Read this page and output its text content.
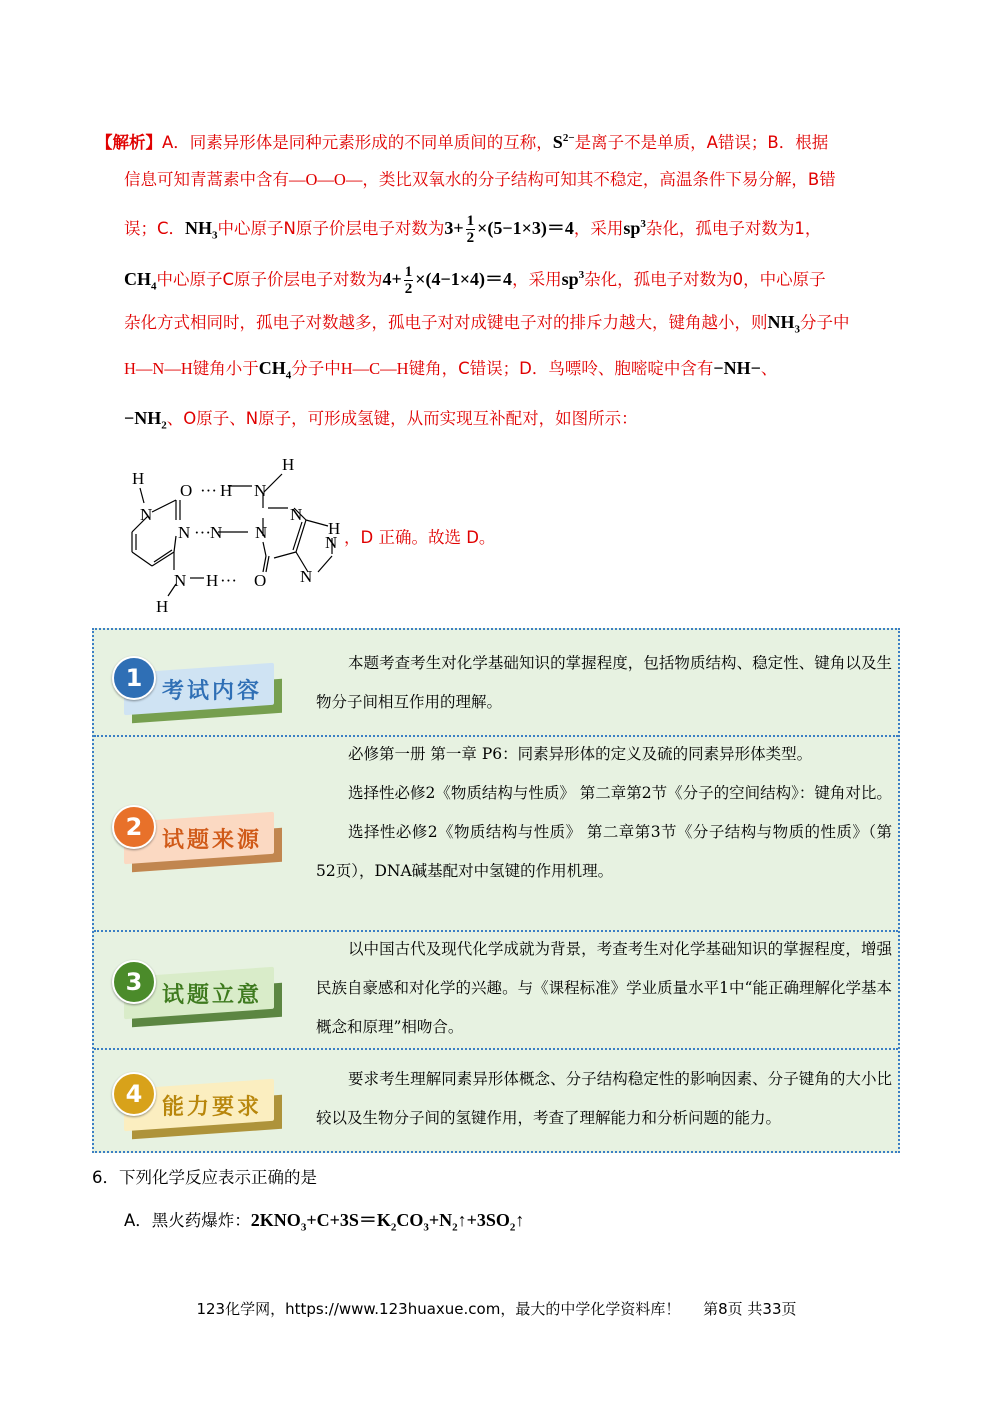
【解析】A．同素异形体是同种元素形成的不同单质间的互称，$S^{2-}$是离子不是单质，A错误；B．根据
信息可知青蒿素中含有—O—O—，类比双氧水的分子结构可知其不稳定，高温条件下易分解，B错
误；C．$NH_3$中心原子N原子价层电子对数为$3+ \frac{1}{2} \times(5-1\times 3)=4$，采用$sp^3$杂化，孤电子对数为1，
$CH_4$中心原子C原子价层电子对数为$4+ \frac{1}{2} \times(4-1\times 4)=4$，采用$sp^3$杂化，孤电子对数为0，中心原子
杂化方式相同时，孤电子对数越多，孤电子对对成键电子对的排斥力越大，键角越小，则$NH_3$分子中
H—N—H键角小于$CH_4$分子中H—C—H键角，C错误；D．鸟嘌呤、胞嘧啶中含有−NH−、
$-NH_2$、O原子、N原子，可形成氢键，从而实现互补配对，如图所示：
H
O ··· H N
H
N	N
N ··· N N
N
H
N
N H O
H
···
，D 正确。故选 D。
1 考试内容

本题考查考生对化学基础知识的掌握程度，包括物质结构、稳定性、键角以及生物分子间相互作用的理解。

2 试题来源

必修第一册 第一章 P6：同素异形体的定义及硫的同素异形体类型。

选择性必修2《物质结构与性质》 第二章第2节《分子的空间结构》：键角对比。

选择性必修2《物质结构与性质》 第二章第3节《分子结构与物质的性质》（第52页），DNA碱基配对中氢键的作用机理。

3 试题立意

以中国古代及现代化学成就为背景，考查考生对化学基础知识的掌握程度，增强民族自豪感和对化学的兴趣。与《课程标准》学业质量水平1中“能正确理解化学基本概念和原理”相吻合。

4 能力要求

要求考生理解同素异形体概念、分子结构稳定性的影响因素、分子键角的大小比较以及生物分子间的氢键作用，考查了理解能力和分析问题的能力。

6．下列化学反应表示正确的是
A．黑火药爆炸：$2KNO_3+C+3S=K_2CO_3+N_2↑+3SO_2↑$
123化学网，https://www.123huaxue.com，最大的中学化学资料库！ 第8页 共33页
